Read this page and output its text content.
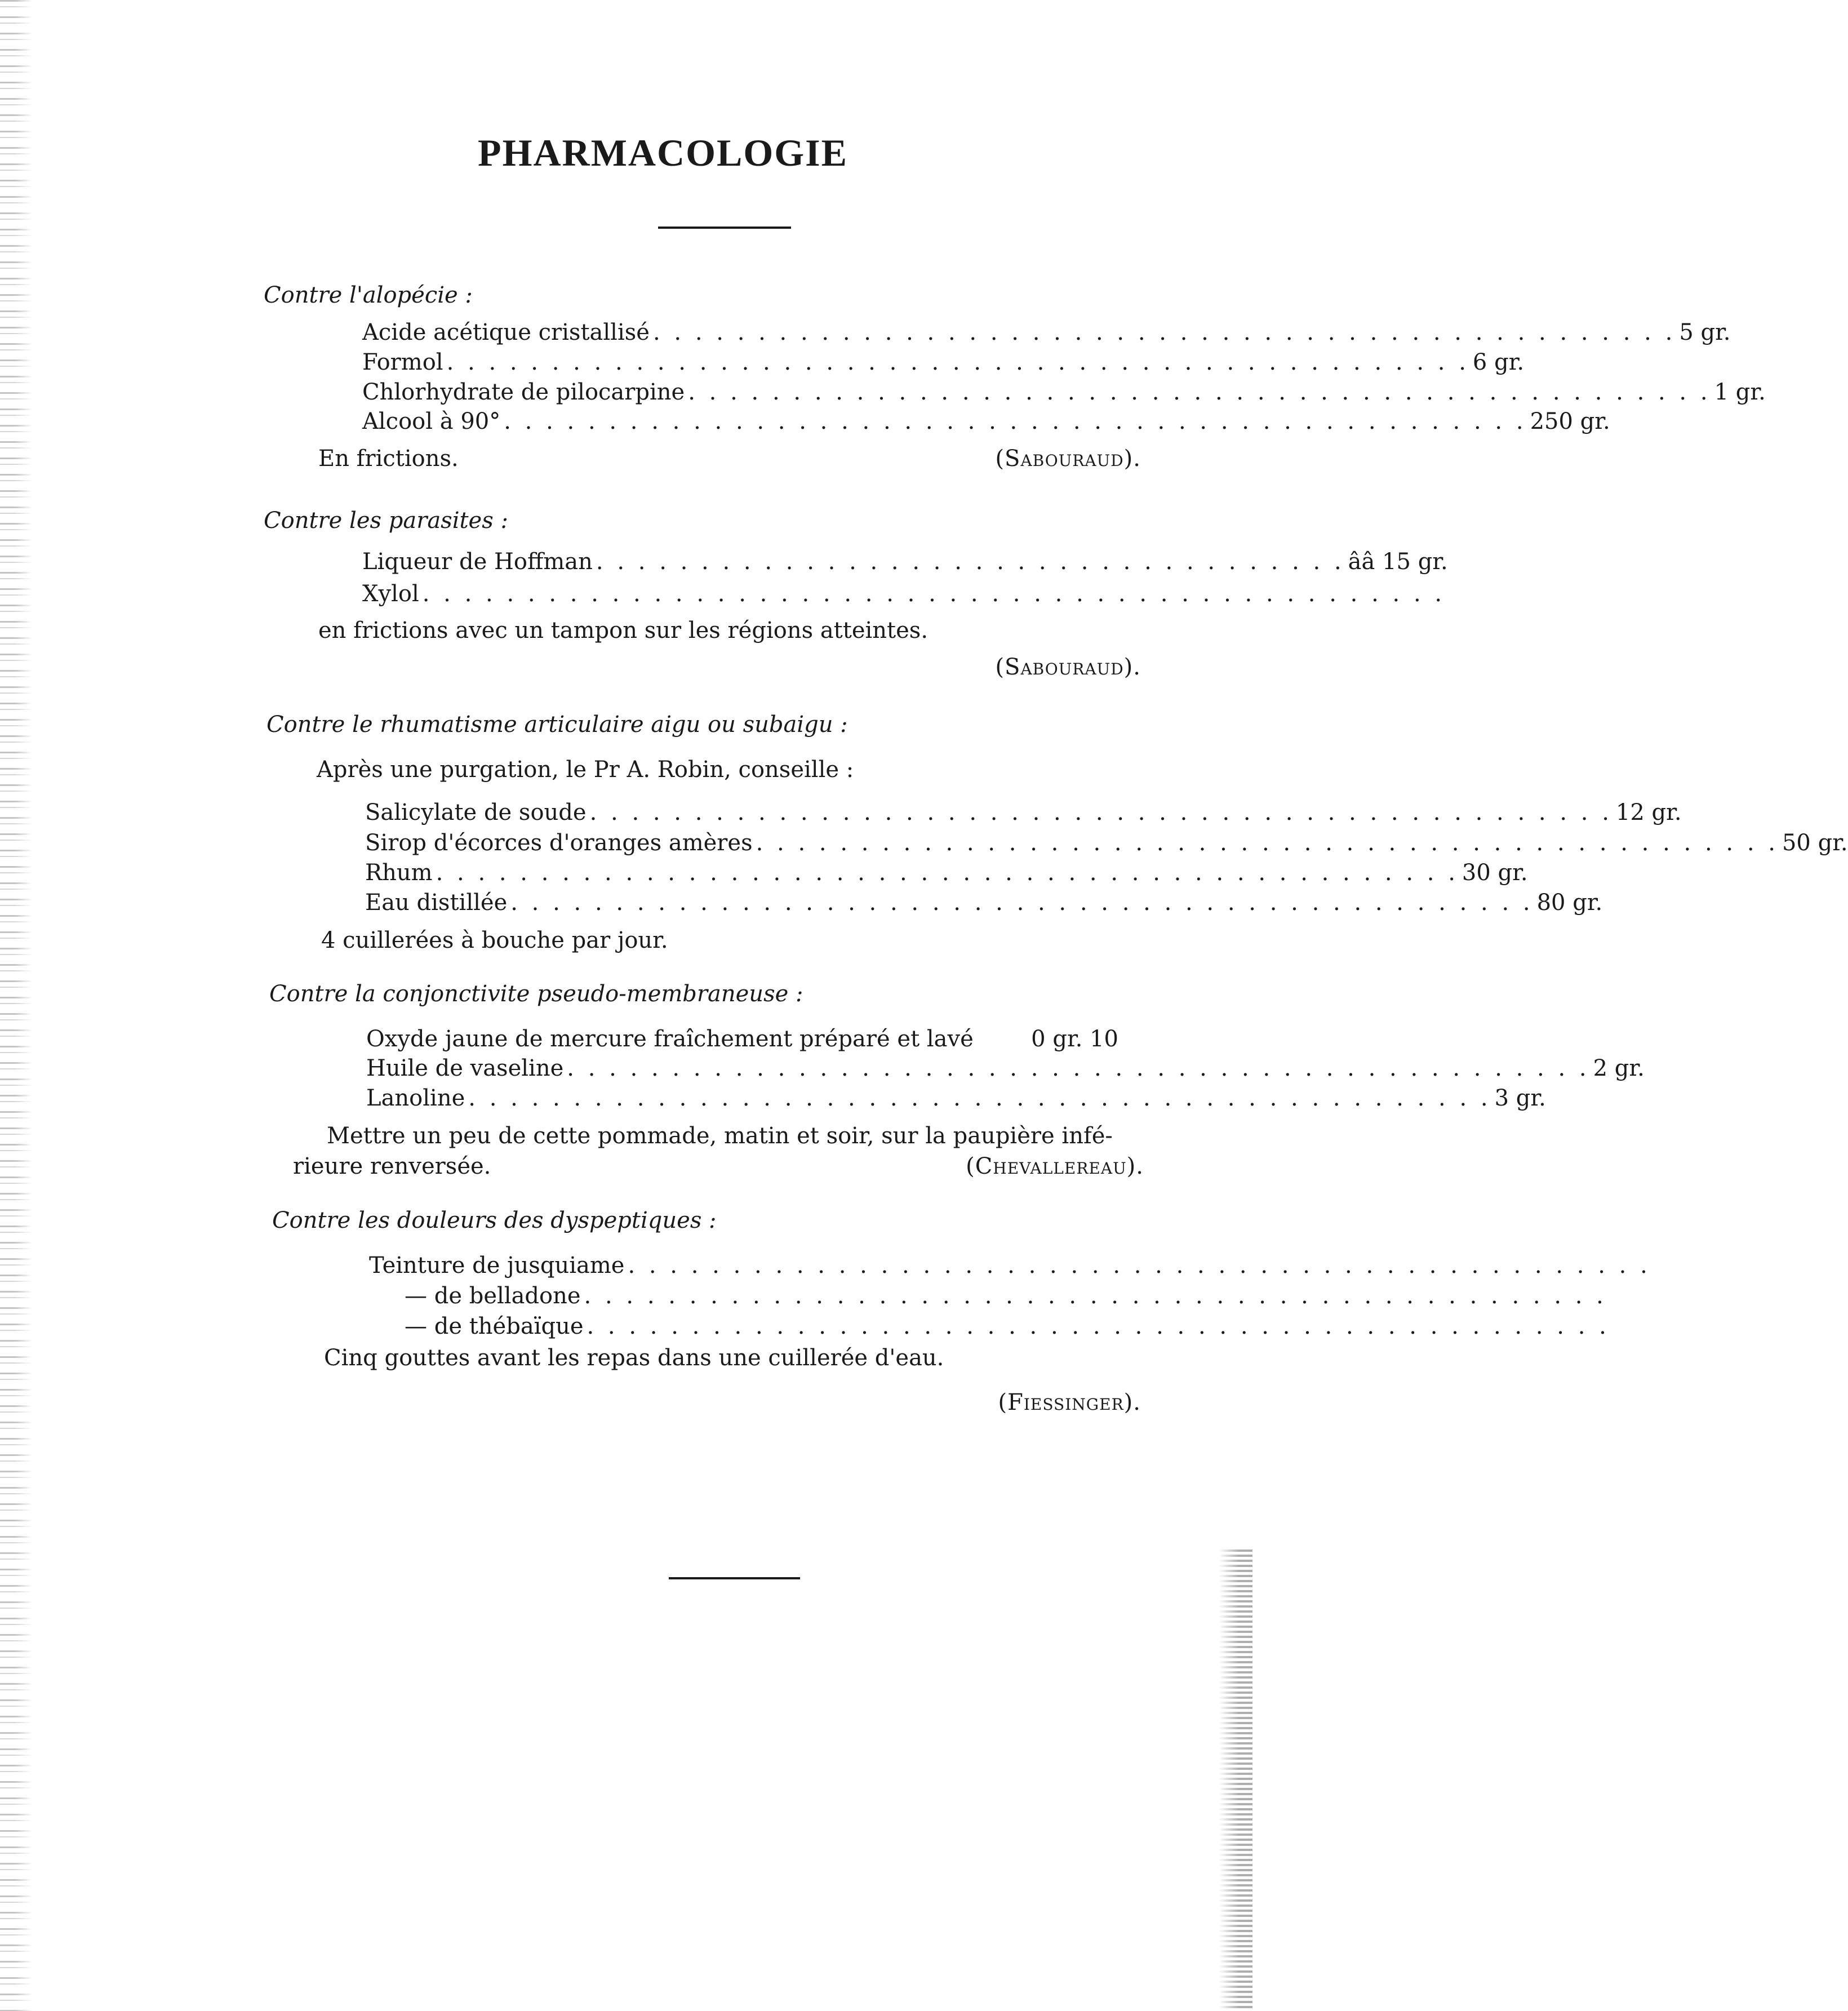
PHARMACOLOGIE
Contre l'alopécie :
Acide acétique cristallisé . . . . . . . . . . . . . . . . . . . . . . . . . . . . . . . . . . . . . . . . . . . . . . . . . 5 gr.
Formol . . . . . . . . . . . . . . . . . . . . . . . . . . . . . . . . . . . . . . . . . . . . . . . . . 6 gr.
Chlorhydrate de pilocarpine . . . . . . . . . . . . . . . . . . . . . . . . . . . . . . . . . . . . . . . . . . . . . . . . . 1 gr.
Alcool à 90° . . . . . . . . . . . . . . . . . . . . . . . . . . . . . . . . . . . . . . . . . . . . . . . . . 250 gr.
En frictions.	(Sabouraud).
Contre les parasites :
Liqueur de Hoffman . . . . . . . . . . . . . . . . . . . . . . . . . . . . . . . . . . . . ââ 15 gr.
Xylol . . . . . . . . . . . . . . . . . . . . . . . . . . . . . . . . . . . . . . . . . . . . . . . . .
en frictions avec un tampon sur les régions atteintes.
(Sabouraud).
Contre le rhumatisme articulaire aigu ou subaigu :
Après une purgation, le Pr A. Robin, conseille :
Salicylate de soude . . . . . . . . . . . . . . . . . . . . . . . . . . . . . . . . . . . . . . . . . . . . . . . . . 12 gr.
Sirop d'écorces d'oranges amères . . . . . . . . . . . . . . . . . . . . . . . . . . . . . . . . . . . . . . . . . . . . . . . . . 50 gr.
Rhum . . . . . . . . . . . . . . . . . . . . . . . . . . . . . . . . . . . . . . . . . . . . . . . . . 30 gr.
Eau distillée . . . . . . . . . . . . . . . . . . . . . . . . . . . . . . . . . . . . . . . . . . . . . . . . . 80 gr.
4 cuillerées à bouche par jour.
Contre la conjonctivite pseudo-membraneuse :
Oxyde jaune de mercure fraîchement préparé et lavé	0 gr. 10
Huile de vaseline . . . . . . . . . . . . . . . . . . . . . . . . . . . . . . . . . . . . . . . . . . . . . . . . . 2 gr.
Lanoline . . . . . . . . . . . . . . . . . . . . . . . . . . . . . . . . . . . . . . . . . . . . . . . . . 3 gr.
Mettre un peu de cette pommade, matin et soir, sur la paupière infé-
rieure renversée.	(Chevallereau).
Contre les douleurs des dyspeptiques :
Teinture de jusquiame . . . . . . . . . . . . . . . . . . . . . . . . . . . . . . . . . . . . . . . . . . . . . . . . .
— de belladone . . . . . . . . . . . . . . . . . . . . . . . . . . . . . . . . . . . . . . . . . . . . . . . . .
— de thébaïque . . . . . . . . . . . . . . . . . . . . . . . . . . . . . . . . . . . . . . . . . . . . . . . . .
Cinq gouttes avant les repas dans une cuillerée d'eau.
(Fiessinger).
